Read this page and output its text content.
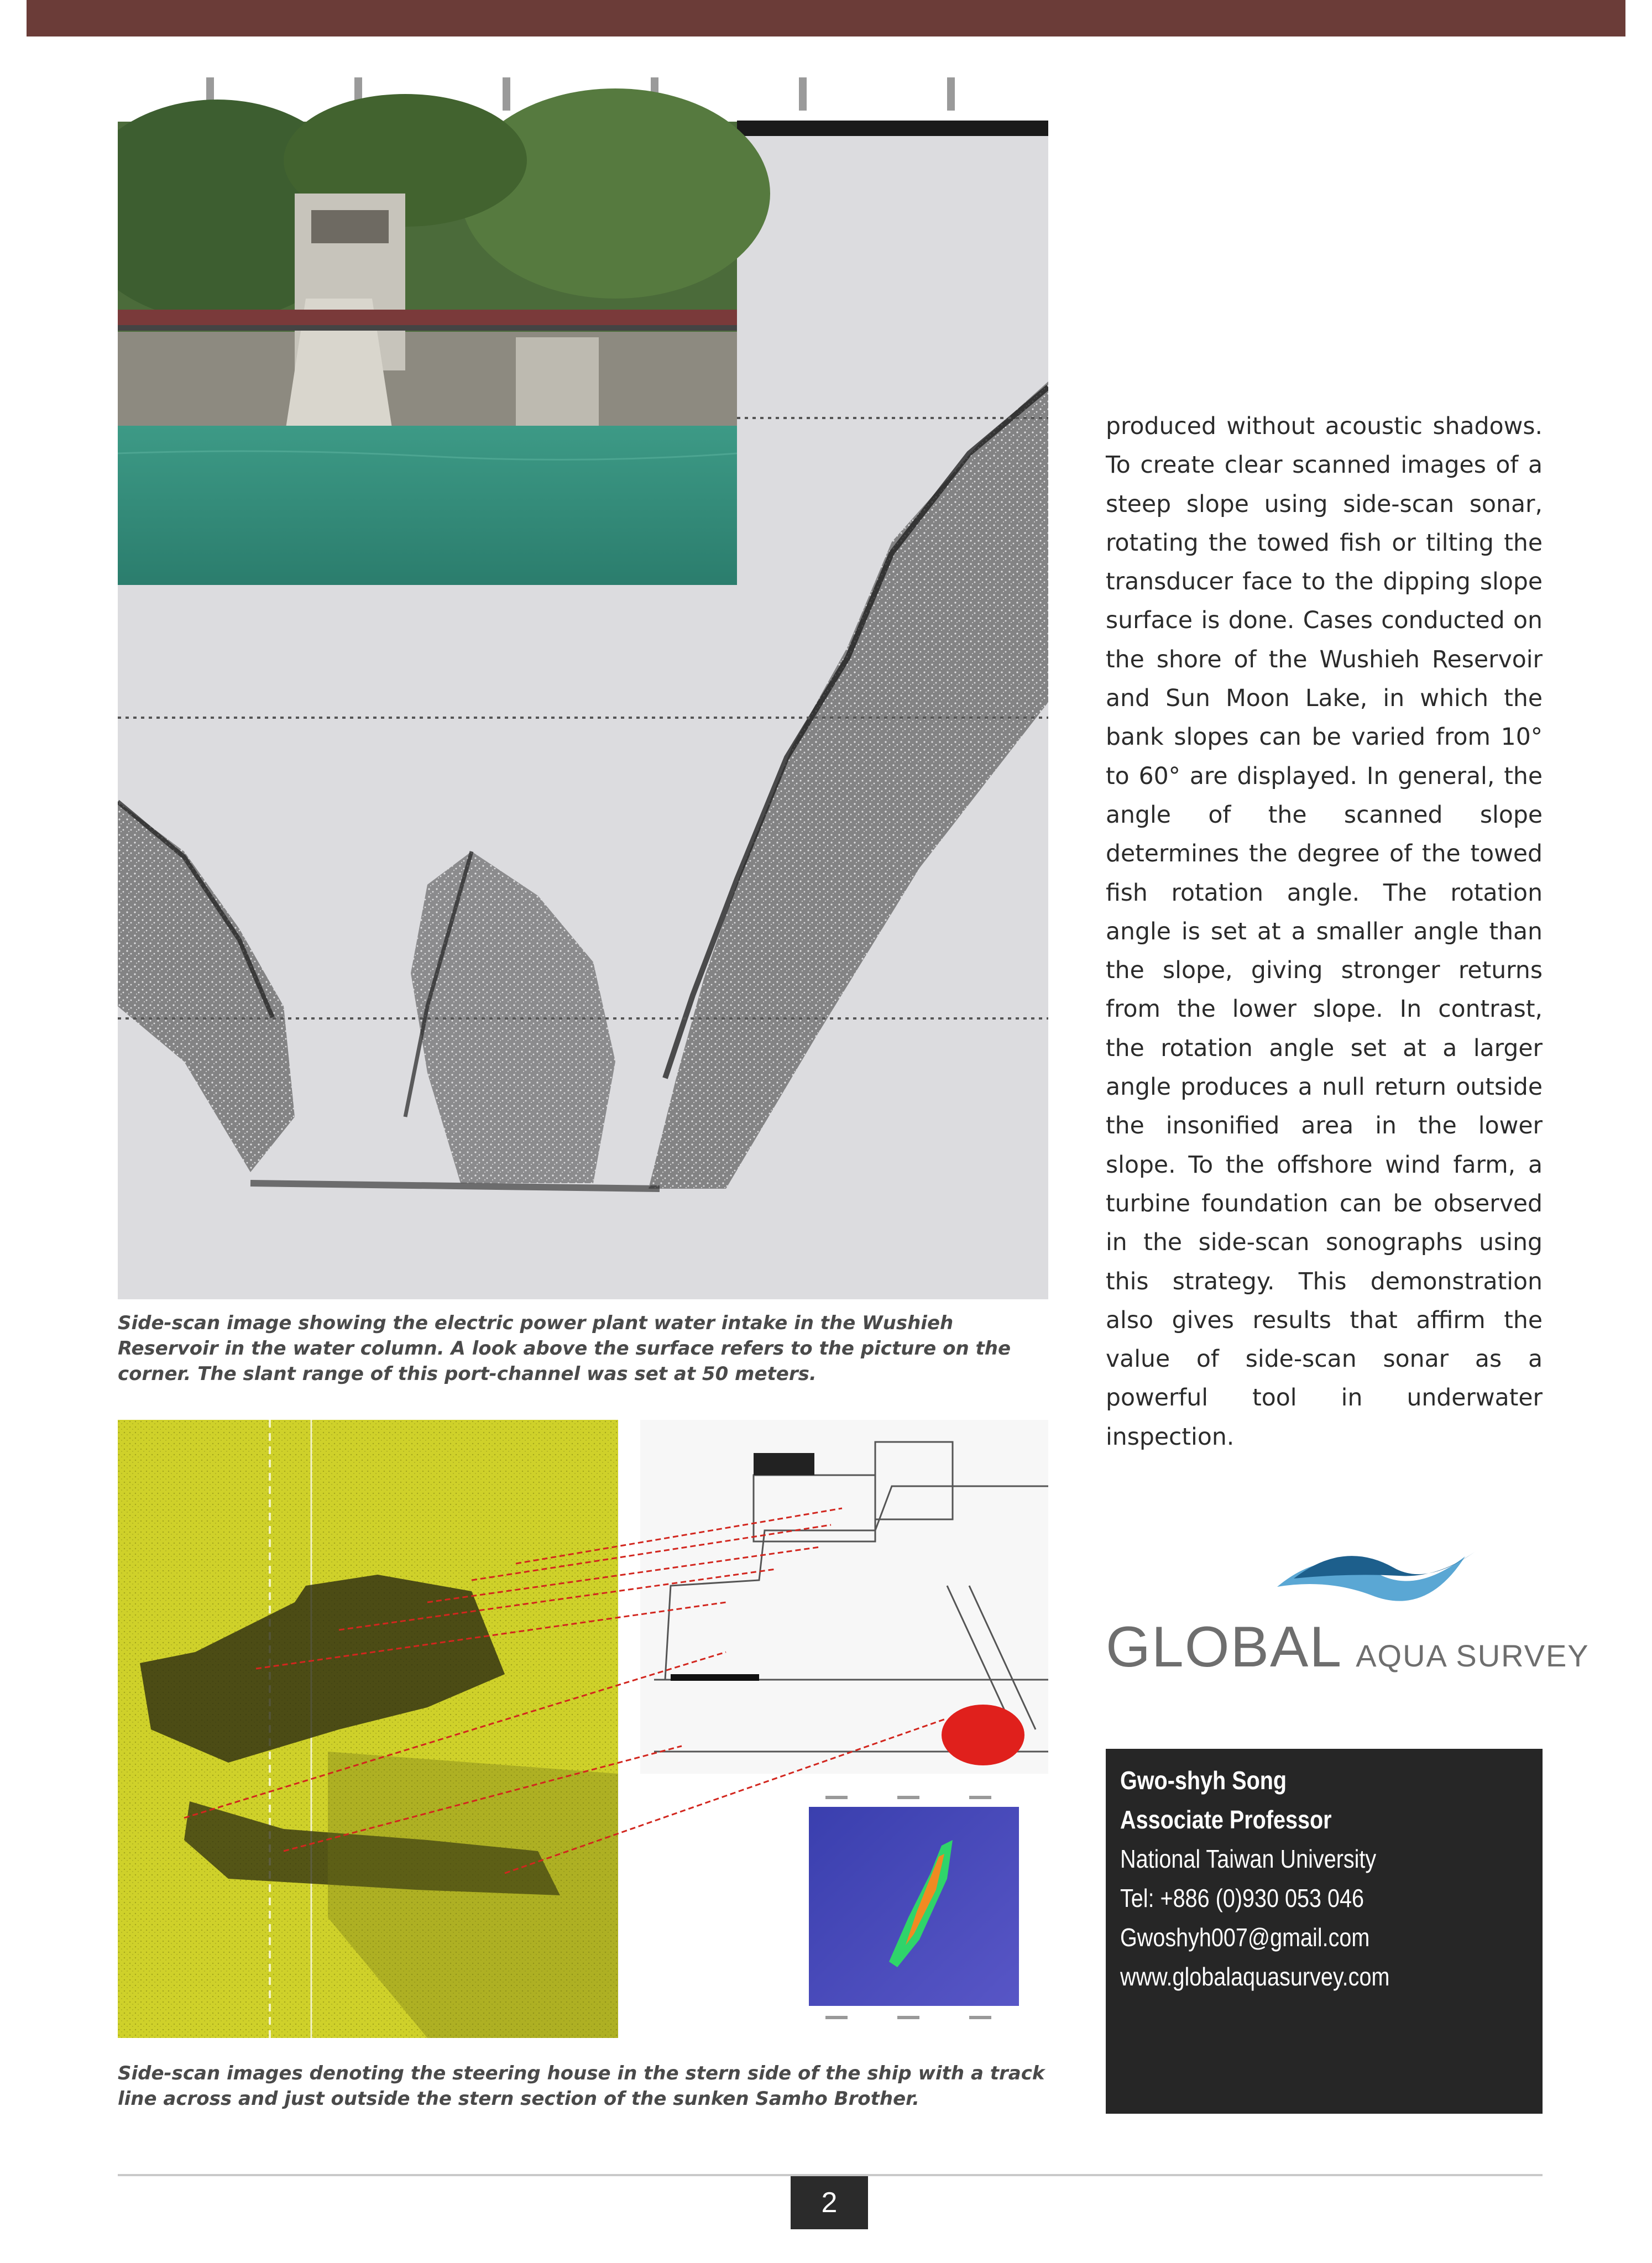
Side-scan image showing the electric power plant water intake in the Wushieh Reservoir in the water column. A look above the surface refers to the picture on the corner. The slant range of this port-channel was set at 50 meters.
produced without acoustic shadows. To create clear scanned images of a steep slope using side-scan sonar, rotating the towed fish or tilting the transducer face to the dipping slope surface is done. Cases conducted on the shore of the Wushieh Reservoir and Sun Moon Lake, in which the bank slopes can be varied from 10° to 60° are displayed. In general, the angle of the scanned slope determines the degree of the towed fish rotation angle. The rotation angle is set at a smaller angle than the slope, giving stronger returns from the lower slope. In contrast, the rotation angle set at a larger angle produces a null return outside the insonified area in the lower slope. To the offshore wind farm, a turbine foundation can be observed in the side-scan sonographs using this strategy. This demonstration also gives results that affirm the value of side-scan sonar as a powerful tool in underwater inspection.
Side-scan images denoting the steering house in the stern side of the ship with a track line across and just outside the stern section of the sunken Samho Brother.
GLOBAL AQUA SURVEY
Gwo-shyh Song
Associate Professor
National Taiwan University
Tel: +886 (0)930 053 046
Gwoshyh007@gmail.com
www.globalaquasurvey.com
2
